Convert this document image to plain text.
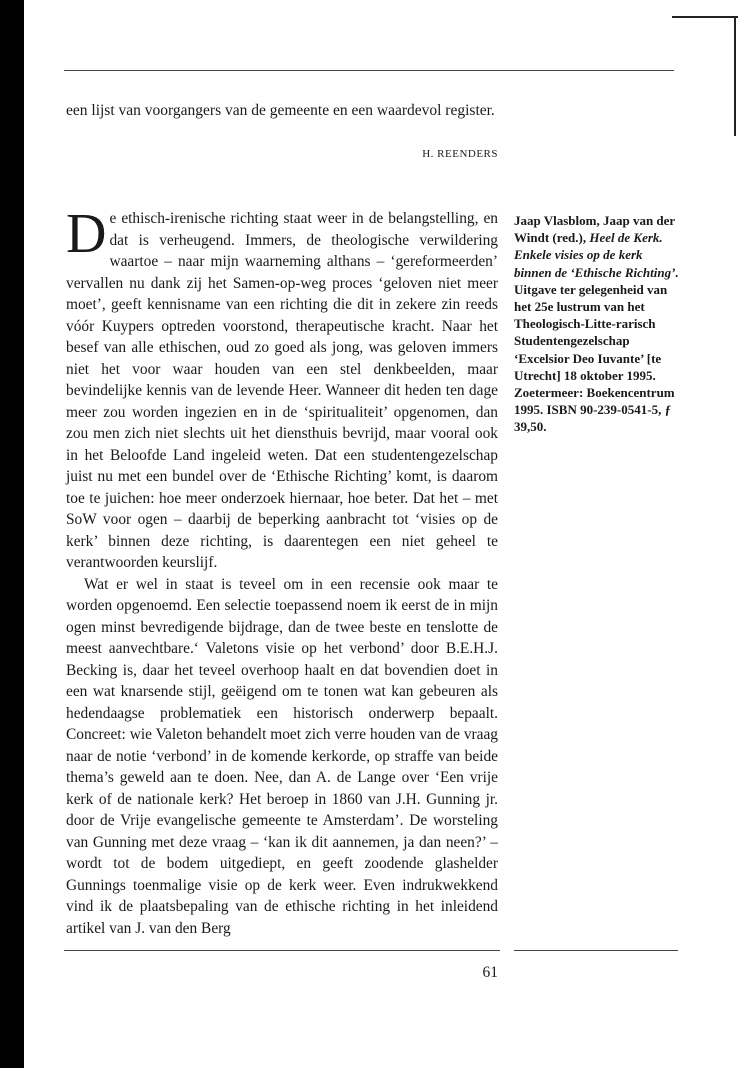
een lijst van voorgangers van de gemeente en een waardevol register.

H. REENDERS

De ethisch-irenische richting staat weer in de belangstelling, en dat is verheugend. Immers, de theologische verwildering waartoe – naar mijn waarneming althans – ‘gereformeerden’ vervallen nu dank zij het Samen-op-weg proces ‘geloven niet meer moet’, geeft kennisname van een richting die dit in zekere zin reeds vóór Kuypers optreden voorstond, therapeutische kracht. Naar het besef van alle ethischen, oud zo goed als jong, was geloven immers niet het voor waar houden van een stel denkbeelden, maar bevindelijke kennis van de levende Heer. Wanneer dit heden ten dage meer zou worden ingezien en in de ‘spiritualiteit’ opgenomen, dan zou men zich niet slechts uit het diensthuis bevrijd, maar vooral ook in het Beloofde Land ingeleid weten. Dat een studentengezelschap juist nu met een bundel over de ‘Ethische Richting’ komt, is daarom toe te juichen: hoe meer onderzoek hiernaar, hoe beter. Dat het – met SoW voor ogen – daarbij de beperking aanbracht tot ‘visies op de kerk’ binnen deze richting, is daarentegen een niet geheel te verantwoorden keurslijf.

Wat er wel in staat is teveel om in een recensie ook maar te worden opgenoemd. Een selectie toepassend noem ik eerst de in mijn ogen minst bevredigende bijdrage, dan de twee beste en tenslotte de meest aanvechtbare.‘ Valetons visie op het verbond’ door B.E.H.J. Becking is, daar het teveel overhoop haalt en dat bovendien doet in een wat knarsende stijl, geëigend om te tonen wat kan gebeuren als hedendaagse problematiek een historisch onderwerp bepaalt. Concreet: wie Valeton behandelt moet zich verre houden van de vraag naar de notie ‘verbond’ in de komende kerkorde, op straffe van beide thema’s geweld aan te doen. Nee, dan A. de Lange over ‘Een vrije kerk of de nationale kerk? Het beroep in 1860 van J.H. Gunning jr. door de Vrije evangelische gemeente te Amsterdam’. De worsteling van Gunning met deze vraag – ‘kan ik dit aannemen, ja dan neen?’ – wordt tot de bodem uitgediept, en geeft zoodende glashelder Gunnings toenmalige visie op de kerk weer. Even indrukwekkend vind ik de plaatsbepaling van de ethische richting in het inleidend artikel van J. van den Berg

Jaap Vlasblom, Jaap van der Windt (red.), Heel de Kerk. Enkele visies op de kerk binnen de ‘Ethische Richting’. Uitgave ter gelegenheid van het 25e lustrum van het Theologisch-Litte-rarisch Studentengezelschap ‘Excelsior Deo Iuvante’ [te Utrecht] 18 oktober 1995. Zoetermeer: Boekencentrum 1995. ISBN 90-239-0541-5, ƒ 39,50.

61
